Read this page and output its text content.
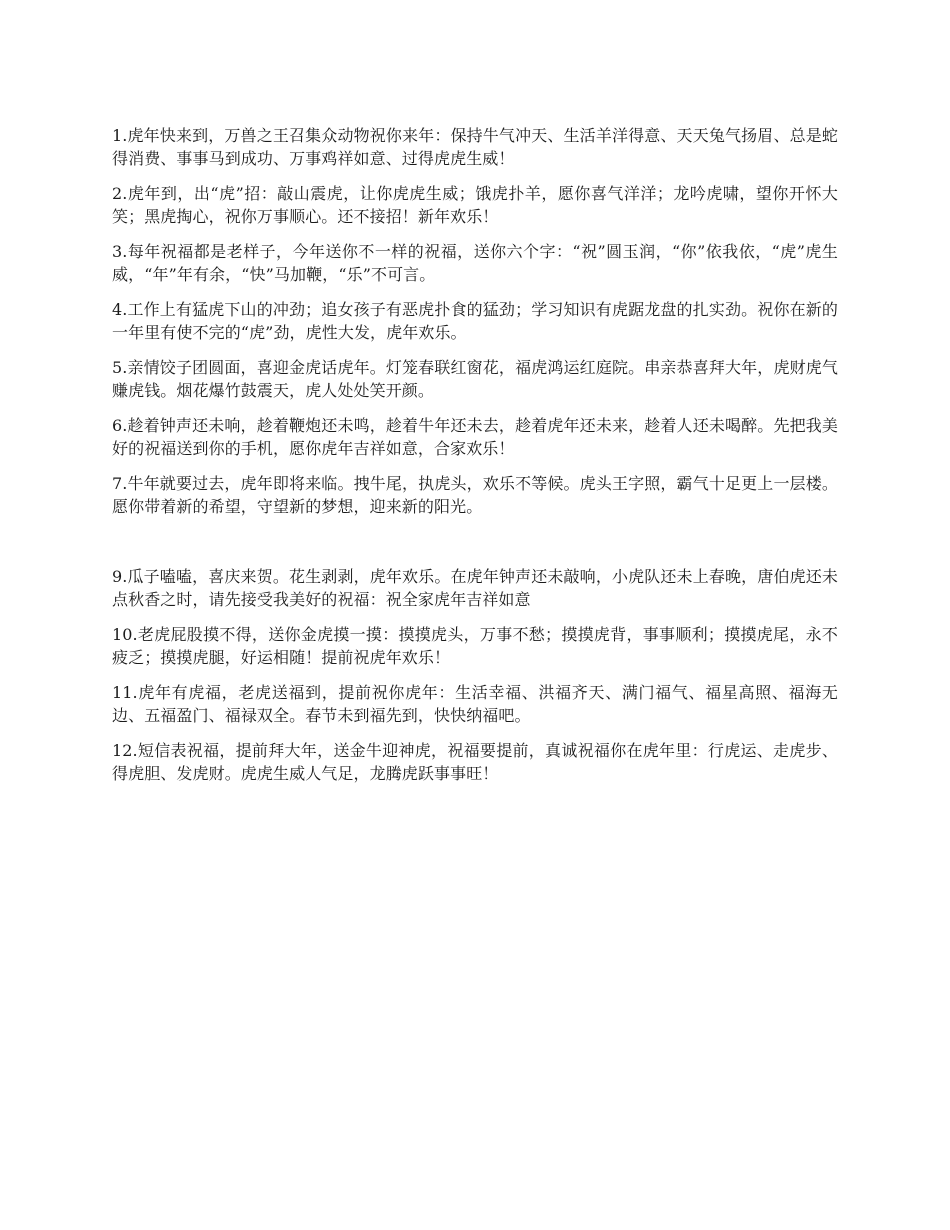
1.虎年快来到，万兽之王召集众动物祝你来年：保持牛气冲天、生活羊洋得意、天天兔气扬眉、总是蛇得消费、事事马到成功、万事鸡祥如意、过得虎虎生威！

2.虎年到，出“虎”招：敲山震虎，让你虎虎生威；饿虎扑羊，愿你喜气洋洋；龙吟虎啸，望你开怀大笑；黑虎掏心，祝你万事顺心。还不接招！新年欢乐！

3.每年祝福都是老样子，今年送你不一样的祝福，送你六个字：“祝”圆玉润，“你”依我依，“虎”虎生威，“年”年有余，“快”马加鞭，“乐”不可言。

4.工作上有猛虎下山的冲劲；追女孩子有恶虎扑食的猛劲；学习知识有虎踞龙盘的扎实劲。祝你在新的一年里有使不完的“虎”劲，虎性大发，虎年欢乐。

5.亲情饺子团圆面，喜迎金虎话虎年。灯笼春联红窗花，福虎鸿运红庭院。串亲恭喜拜大年，虎财虎气赚虎钱。烟花爆竹鼓震天，虎人处处笑开颜。

6.趁着钟声还未响，趁着鞭炮还未鸣，趁着牛年还未去，趁着虎年还未来，趁着人还未喝醉。先把我美好的祝福送到你的手机，愿你虎年吉祥如意，合家欢乐！

7.牛年就要过去，虎年即将来临。拽牛尾，执虎头，欢乐不等候。虎头王字照，霸气十足更上一层楼。愿你带着新的希望，守望新的梦想，迎来新的阳光。

9.瓜子嗑嗑，喜庆来贺。花生剥剥，虎年欢乐。在虎年钟声还未敲响，小虎队还未上春晚，唐伯虎还未点秋香之时，请先接受我美好的祝福：祝全家虎年吉祥如意

10.老虎屁股摸不得，送你金虎摸一摸：摸摸虎头，万事不愁；摸摸虎背，事事顺利；摸摸虎尾，永不疲乏；摸摸虎腿，好运相随！提前祝虎年欢乐！

11.虎年有虎福，老虎送福到，提前祝你虎年：生活幸福、洪福齐天、满门福气、福星高照、福海无边、五福盈门、福禄双全。春节未到福先到，快快纳福吧。

12.短信表祝福，提前拜大年，送金牛迎神虎，祝福要提前，真诚祝福你在虎年里：行虎运、走虎步、得虎胆、发虎财。虎虎生威人气足，龙腾虎跃事事旺！
